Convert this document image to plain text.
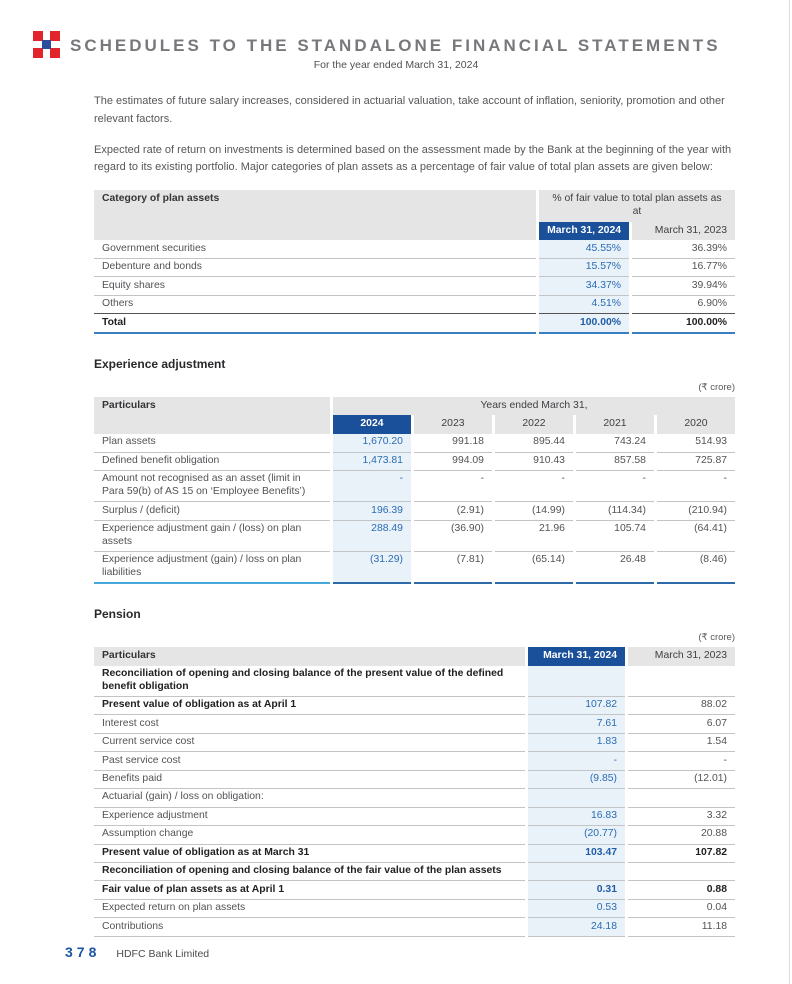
SCHEDULES TO THE STANDALONE FINANCIAL STATEMENTS
For the year ended March 31, 2024

The estimates of future salary increases, considered in actuarial valuation, take account of inflation, seniority, promotion and other relevant factors.

Expected rate of return on investments is determined based on the assessment made by the Bank at the beginning of the year with regard to its existing portfolio. Major categories of plan assets as a percentage of fair value of total plan assets are given below:

Category of plan assets	% of fair value to total plan assets as at	
	March 31, 2024	March 31, 2023
Government securities	45.55%	36.39%
Debenture and bonds	15.57%	16.77%
Equity shares	34.37%	39.94%
Others	4.51%	6.90%
Total	100.00%	100.00%
Experience adjustment
(₹ crore)
Particulars	Years ended March 31,				
	2024	2023	2022	2021	2020
Plan assets	1,670.20	991.18	895.44	743.24	514.93
Defined benefit obligation	1,473.81	994.09	910.43	857.58	725.87
Amount not recognised as an asset (limit in Para 59(b) of AS 15 on ‘Employee Benefits’)	-	-	-	-	-
Surplus / (deficit)	196.39	(2.91)	(14.99)	(114.34)	(210.94)
Experience adjustment gain / (loss) on plan assets	288.49	(36.90)	21.96	105.74	(64.41)
Experience adjustment (gain) / loss on plan liabilities	(31.29)	(7.81)	(65.14)	26.48	(8.46)
Pension
(₹ crore)
Particulars	March 31, 2024	March 31, 2023
Reconciliation of opening and closing balance of the present value of the defined benefit obligation		
Present value of obligation as at April 1	107.82	88.02
Interest cost	7.61	6.07
Current service cost	1.83	1.54
Past service cost	-	-
Benefits paid	(9.85)	(12.01)
Actuarial (gain) / loss on obligation:		
Experience adjustment	16.83	3.32
Assumption change	(20.77)	20.88
Present value of obligation as at March 31	103.47	107.82
Reconciliation of opening and closing balance of the fair value of the plan assets		
Fair value of plan assets as at April 1	0.31	0.88
Expected return on plan assets	0.53	0.04
Contributions	24.18	11.18
378 HDFC Bank Limited
